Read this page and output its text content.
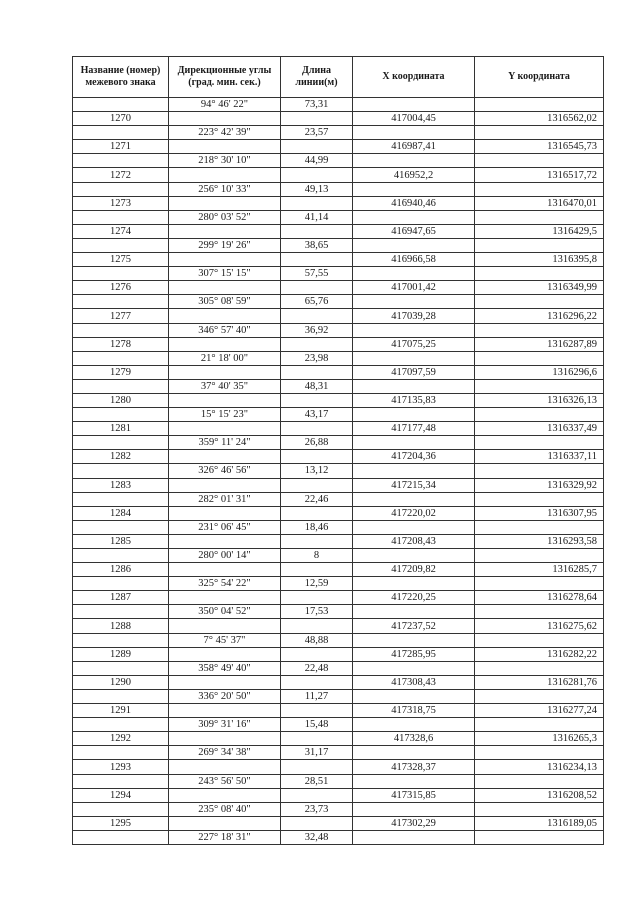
Название (номер) межевого знака	Дирекционные углы (град. мин. сек.)	Длина линии(м)	X координата	Y координата
	94° 46' 22"	73,31		
1270			417004,45	1316562,02
	223° 42' 39"	23,57		
1271			416987,41	1316545,73
	218° 30' 10"	44,99		
1272			416952,2	1316517,72
	256° 10' 33"	49,13		
1273			416940,46	1316470,01
	280° 03' 52"	41,14		
1274			416947,65	1316429,5
	299° 19' 26"	38,65		
1275			416966,58	1316395,8
	307° 15' 15"	57,55		
1276			417001,42	1316349,99
	305° 08' 59"	65,76		
1277			417039,28	1316296,22
	346° 57' 40"	36,92		
1278			417075,25	1316287,89
	21° 18' 00"	23,98		
1279			417097,59	1316296,6
	37° 40' 35"	48,31		
1280			417135,83	1316326,13
	15° 15' 23"	43,17		
1281			417177,48	1316337,49
	359° 11' 24"	26,88		
1282			417204,36	1316337,11
	326° 46' 56"	13,12		
1283			417215,34	1316329,92
	282° 01' 31"	22,46		
1284			417220,02	1316307,95
	231° 06' 45"	18,46		
1285			417208,43	1316293,58
	280° 00' 14"	8		
1286			417209,82	1316285,7
	325° 54' 22"	12,59		
1287			417220,25	1316278,64
	350° 04' 52"	17,53		
1288			417237,52	1316275,62
	7° 45' 37"	48,88		
1289			417285,95	1316282,22
	358° 49' 40"	22,48		
1290			417308,43	1316281,76
	336° 20' 50"	11,27		
1291			417318,75	1316277,24
	309° 31' 16"	15,48		
1292			417328,6	1316265,3
	269° 34' 38"	31,17		
1293			417328,37	1316234,13
	243° 56' 50"	28,51		
1294			417315,85	1316208,52
	235° 08' 40"	23,73		
1295			417302,29	1316189,05
	227° 18' 31"	32,48		
